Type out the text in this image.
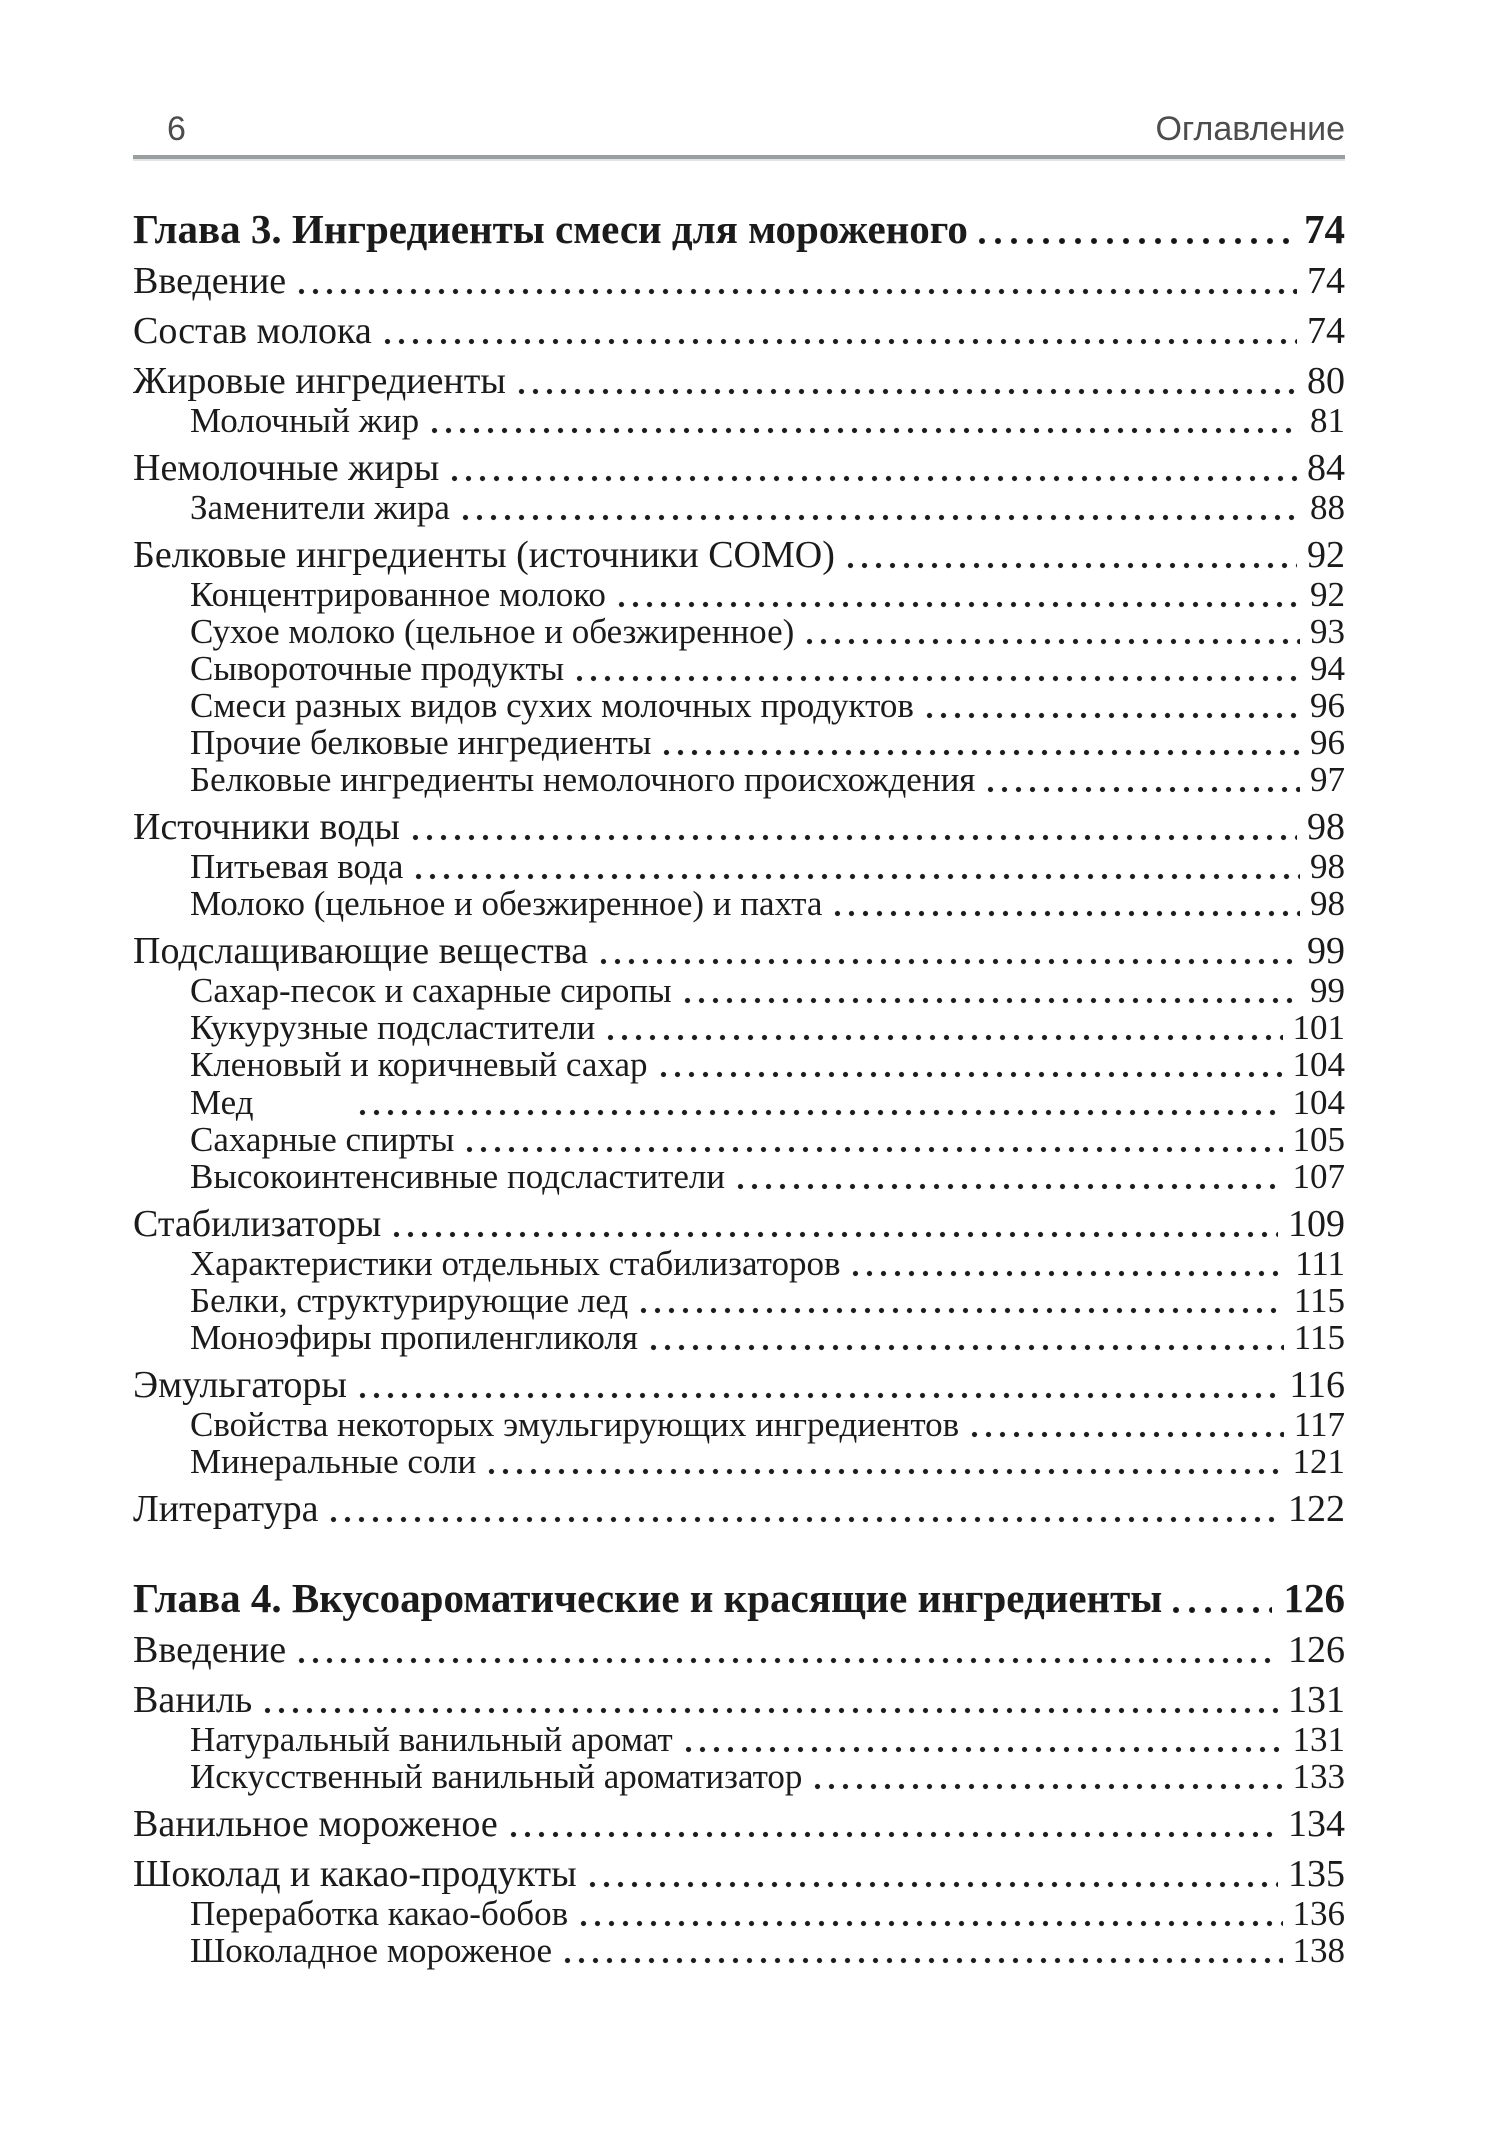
6	Оглавление
Глава 3. Ингредиенты смеси для мороженого	74
Введение	74
Состав молока	74
Жировые ингредиенты	80
Молочный жир	81
Немолочные жиры	84
Заменители жира	88
Белковые ингредиенты (источники СОМО)	92
Концентрированное молоко	92
Сухое молоко (цельное и обезжиренное)	93
Сывороточные продукты	94
Смеси разных видов сухих молочных продуктов	96
Прочие белковые ингредиенты	96
Белковые ингредиенты немолочного происхождения	97
Источники воды	98
Питьевая вода	98
Молоко (цельное и обезжиренное) и пахта	98
Подслащивающие вещества	99
Сахар-песок и сахарные сиропы	99
Кукурузные подсластители	101
Кленовый и коричневый сахар	104
Мед	104
Сахарные спирты	105
Высокоинтенсивные подсластители	107
Стабилизаторы	109
Характеристики отдельных стабилизаторов	111
Белки, структурирующие лед	115
Моноэфиры пропиленгликоля	115
Эмульгаторы	116
Свойства некоторых эмульгирующих ингредиентов	117
Минеральные соли	121
Литература	122
Глава 4. Вкусоароматические и красящие ингредиенты	126
Введение	126
Ваниль	131
Натуральный ванильный аромат	131
Искусственный ванильный ароматизатор	133
Ванильное мороженое	134
Шоколад и какао-продукты	135
Переработка какао-бобов	136
Шоколадное мороженое	138
